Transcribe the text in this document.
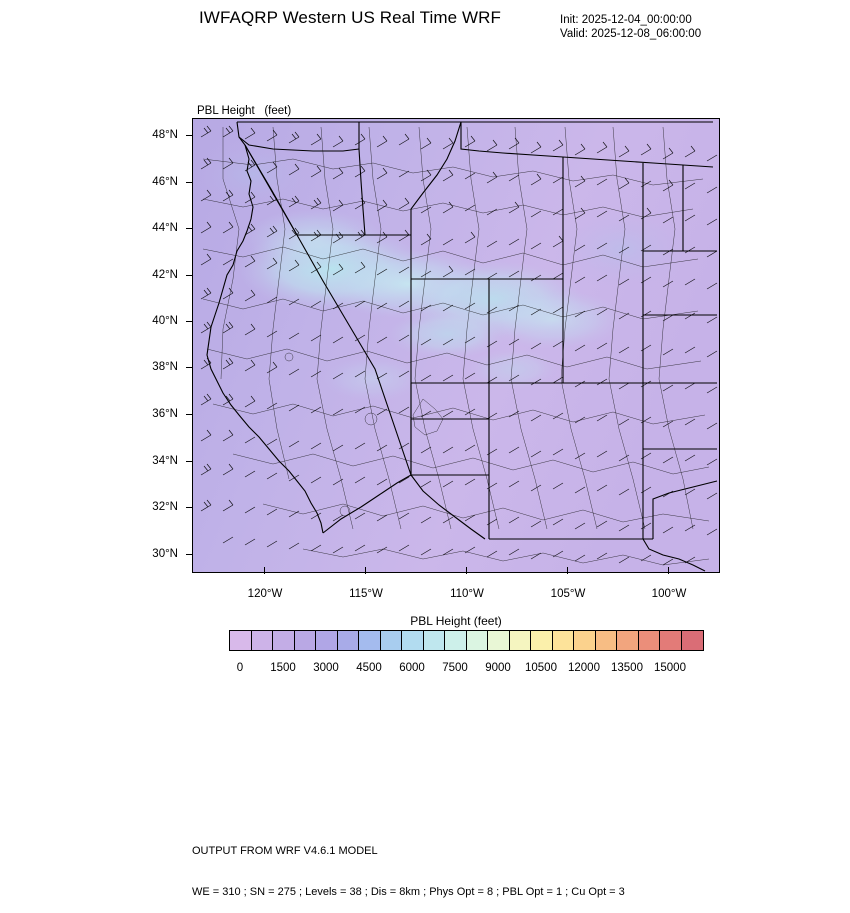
IWFAQRP Western US Real Time WRF	Init: 2025-12-04_00:00:00
Valid: 2025-12-08_06:00:00

PBL Height   (feet)

48°N
46°N
44°N
42°N
40°N
38°N
36°N
34°N
32°N
30°N
120°W	115°W	110°W	105°W	100°W
PBL Height (feet)
0	1500	3000	4500	6000	7500	9000	10500 12000 13500 15000

OUTPUT FROM WRF V4.6.1 MODEL

WE = 310 ; SN = 275 ; Levels = 38 ; Dis = 8km ; Phys Opt = 8 ; PBL Opt = 1 ; Cu Opt = 3
